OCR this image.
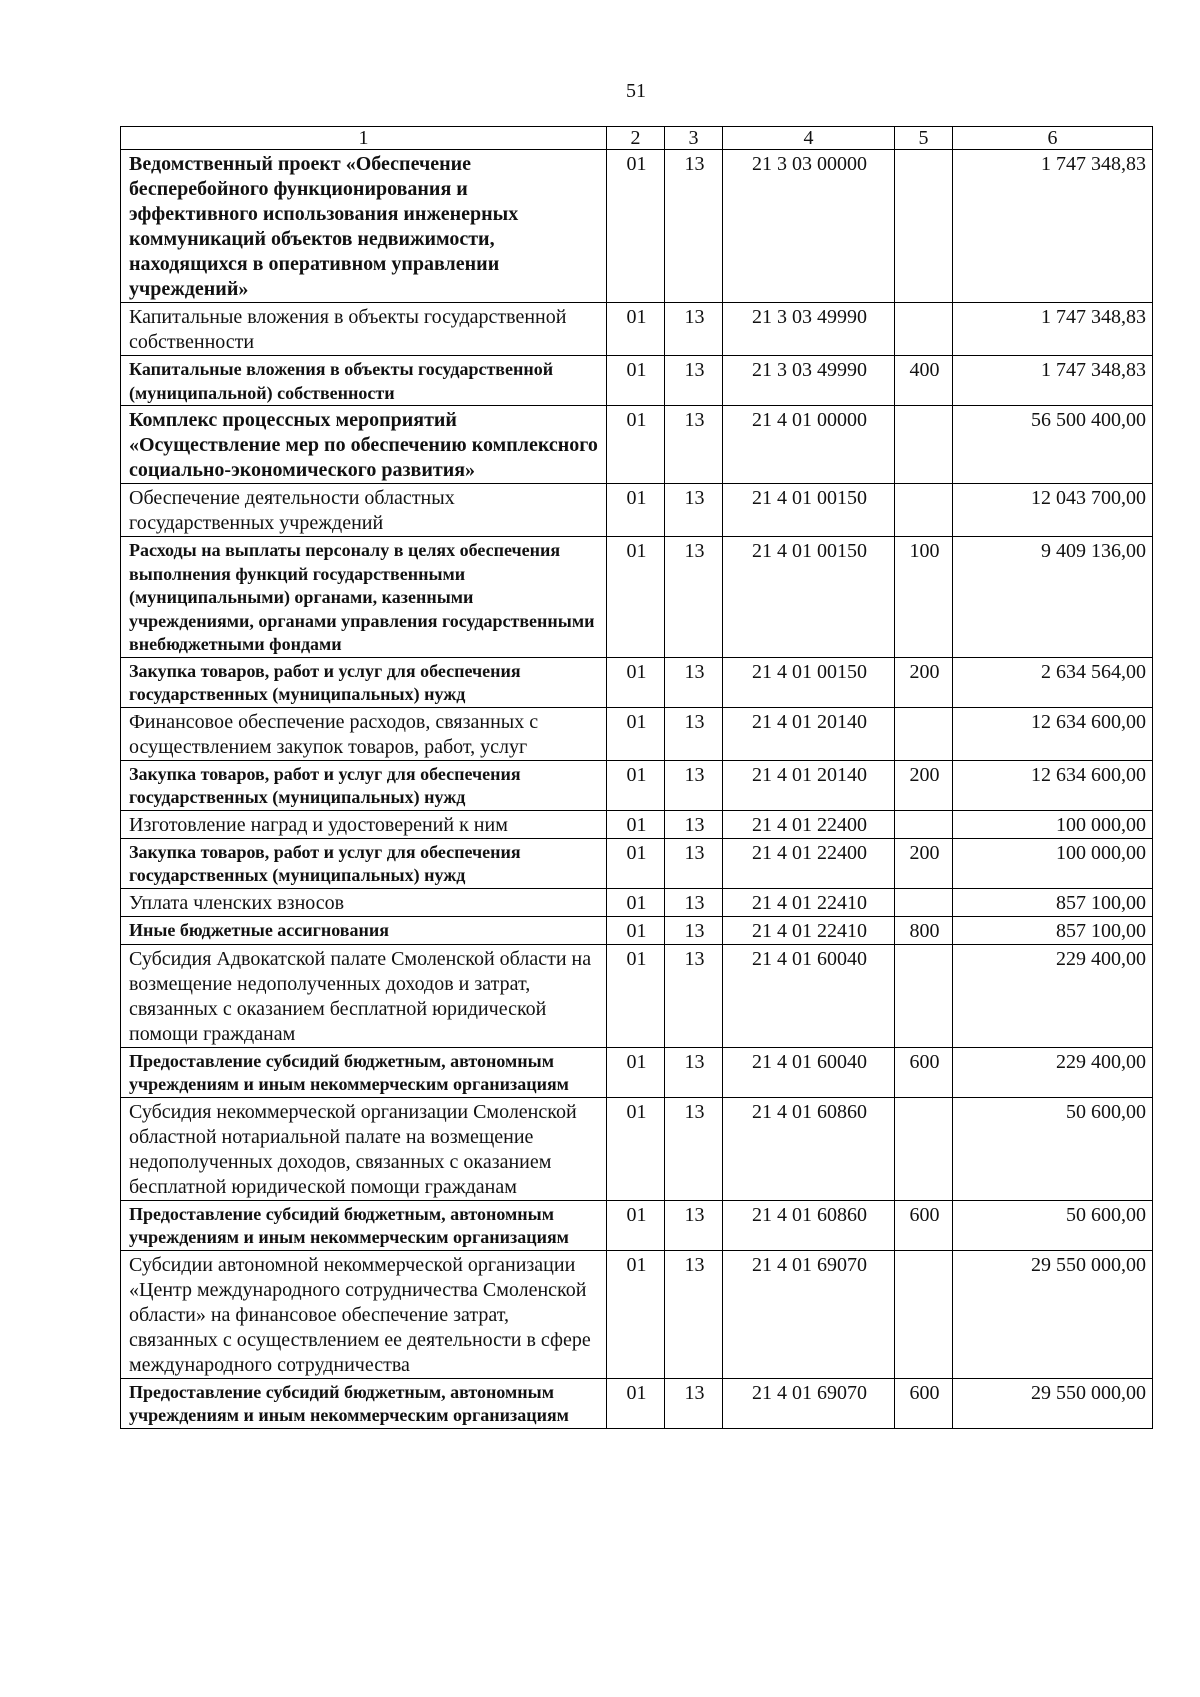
51
1	2	3	4	5	6
Ведомственный проект «Обеспечение бесперебойного функционирования и эффективного использования инженерных коммуникаций объектов недвижимости, находящихся в оперативном управлении учреждений»	01	13	21 3 03 00000		1 747 348,83
Капитальные вложения в объекты государственной собственности	01	13	21 3 03 49990		1 747 348,83
Капитальные вложения в объекты государственной (муниципальной) собственности	01	13	21 3 03 49990	400	1 747 348,83
Комплекс процессных мероприятий «Осуществление мер по обеспечению комплексного социально-экономического развития»	01	13	21 4 01 00000		56 500 400,00
Обеспечение деятельности областных государственных учреждений	01	13	21 4 01 00150		12 043 700,00
Расходы на выплаты персоналу в целях обеспечения выполнения функций государственными (муниципальными) органами, казенными учреждениями, органами управления государственными внебюджетными фондами	01	13	21 4 01 00150	100	9 409 136,00
Закупка товаров, работ и услуг для обеспечения государственных (муниципальных) нужд	01	13	21 4 01 00150	200	2 634 564,00
Финансовое обеспечение расходов, связанных с осуществлением закупок товаров, работ, услуг	01	13	21 4 01 20140		12 634 600,00
Закупка товаров, работ и услуг для обеспечения государственных (муниципальных) нужд	01	13	21 4 01 20140	200	12 634 600,00
Изготовление наград и удостоверений к ним	01	13	21 4 01 22400		100 000,00
Закупка товаров, работ и услуг для обеспечения государственных (муниципальных) нужд	01	13	21 4 01 22400	200	100 000,00
Уплата членских взносов	01	13	21 4 01 22410		857 100,00
Иные бюджетные ассигнования	01	13	21 4 01 22410	800	857 100,00
Субсидия Адвокатской палате Смоленской области на возмещение недополученных доходов и затрат, связанных с оказанием бесплатной юридической помощи гражданам	01	13	21 4 01 60040		229 400,00
Предоставление субсидий бюджетным, автономным учреждениям и иным некоммерческим организациям	01	13	21 4 01 60040	600	229 400,00
Субсидия некоммерческой организации Смоленской областной нотариальной палате на возмещение недополученных доходов, связанных с оказанием бесплатной юридической помощи гражданам	01	13	21 4 01 60860		50 600,00
Предоставление субсидий бюджетным, автономным учреждениям и иным некоммерческим организациям	01	13	21 4 01 60860	600	50 600,00
Субсидии автономной некоммерческой организации «Центр международного сотрудничества Смоленской области» на финансовое обеспечение затрат, связанных с осуществлением ее деятельности в сфере международного сотрудничества	01	13	21 4 01 69070		29 550 000,00
Предоставление субсидий бюджетным, автономным учреждениям и иным некоммерческим организациям	01	13	21 4 01 69070	600	29 550 000,00
